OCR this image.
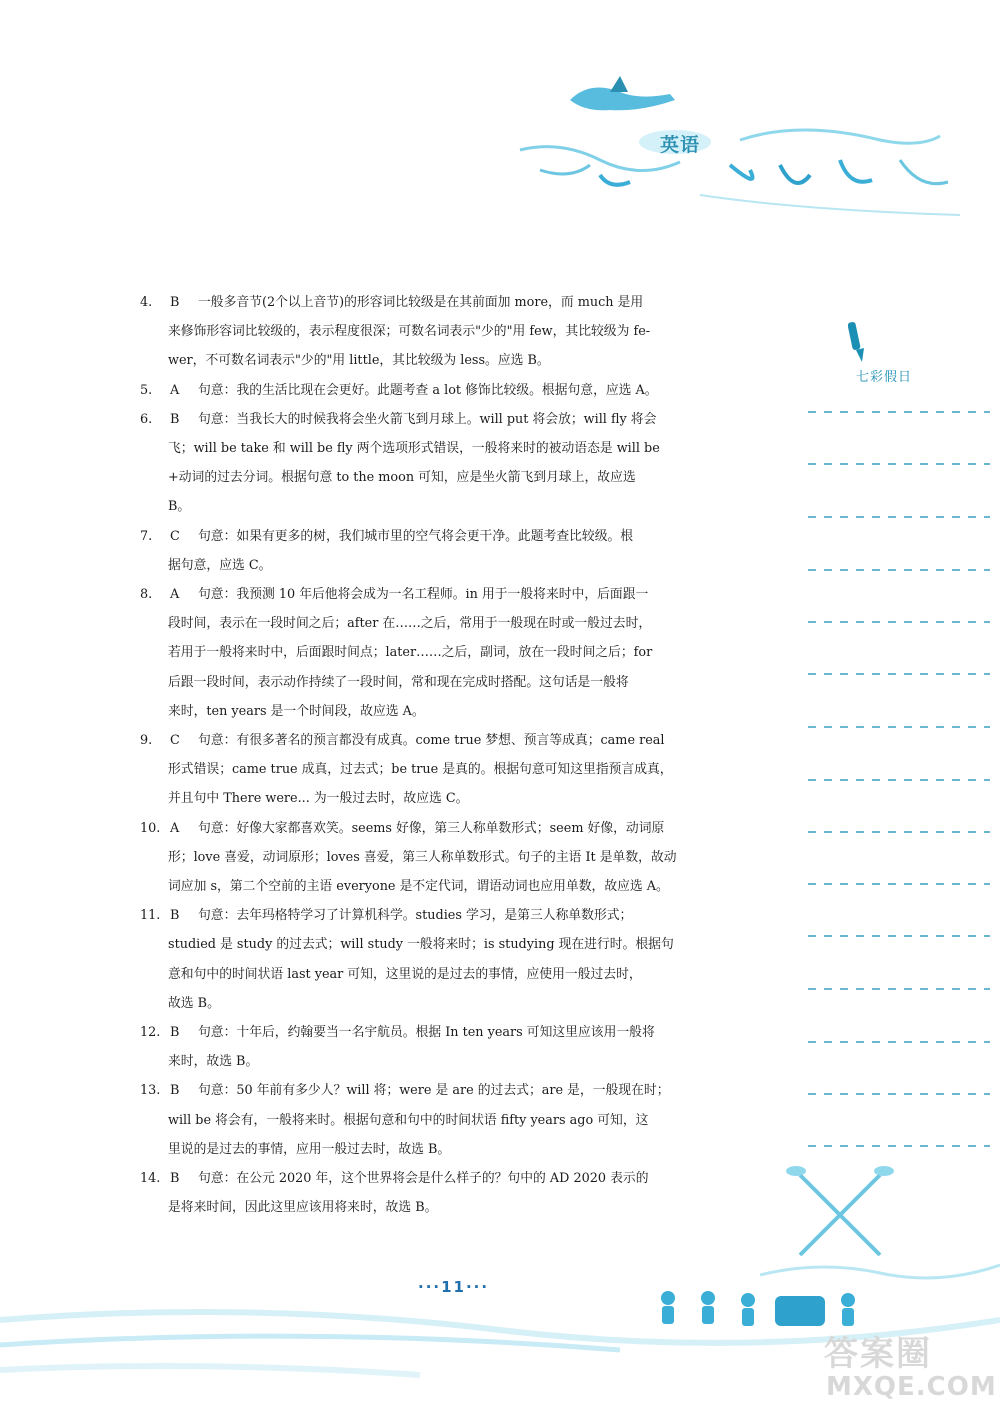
英语
七彩假日
4.	B	一般多音节(2个以上音节)的形容词比较级是在其前面加 more，而 much 是用
来修饰形容词比较级的，表示程度很深；可数名词表示"少的"用 few，其比较级为 fe-
wer，不可数名词表示"少的"用 little，其比较级为 less。应选 B。
5.	A	句意：我的生活比现在会更好。此题考查 a lot 修饰比较级。根据句意，应选 A。
6.	B	句意：当我长大的时候我将会坐火箭飞到月球上。will put 将会放；will fly 将会
飞；will be take 和 will be fly 两个选项形式错误，一般将来时的被动语态是 will be
+动词的过去分词。根据句意 to the moon 可知，应是坐火箭飞到月球上，故应选
B。
7.	C	句意：如果有更多的树，我们城市里的空气将会更干净。此题考查比较级。根
据句意，应选 C。
8.	A	句意：我预测 10 年后他将会成为一名工程师。in 用于一般将来时中，后面跟一
段时间，表示在一段时间之后；after 在……之后，常用于一般现在时或一般过去时，
若用于一般将来时中，后面跟时间点；later……之后，副词，放在一段时间之后；for
后跟一段时间，表示动作持续了一段时间，常和现在完成时搭配。这句话是一般将
来时，ten years 是一个时间段，故应选 A。
9.	C	句意：有很多著名的预言都没有成真。come true 梦想、预言等成真；came real
形式错误；came true 成真，过去式；be true 是真的。根据句意可知这里指预言成真，
并且句中 There were... 为一般过去时，故应选 C。
10. A	句意：好像大家都喜欢笑。seems 好像，第三人称单数形式；seem 好像，动词原
形；love 喜爱，动词原形；loves 喜爱，第三人称单数形式。句子的主语 It 是单数，故动
词应加 s，第二个空前的主语 everyone 是不定代词，谓语动词也应用单数，故应选 A。
11. B	句意：去年玛格特学习了计算机科学。studies 学习，是第三人称单数形式；
studied 是 study 的过去式；will study 一般将来时；is studying 现在进行时。根据句
意和句中的时间状语 last year 可知，这里说的是过去的事情，应使用一般过去时，
故选 B。
12. B	句意：十年后，约翰要当一名宇航员。根据 In ten years 可知这里应该用一般将
来时，故选 B。
13. B	句意：50 年前有多少人？will 将；were 是 are 的过去式；are 是，一般现在时；
will be 将会有，一般将来时。根据句意和句中的时间状语 fifty years ago 可知，这
里说的是过去的事情，应用一般过去时，故选 B。
14. B	句意：在公元 2020 年，这个世界将会是什么样子的？句中的 AD 2020 表示的
是将来时间，因此这里应该用将来时，故选 B。
···11···
答案圈
MXQE.COM
